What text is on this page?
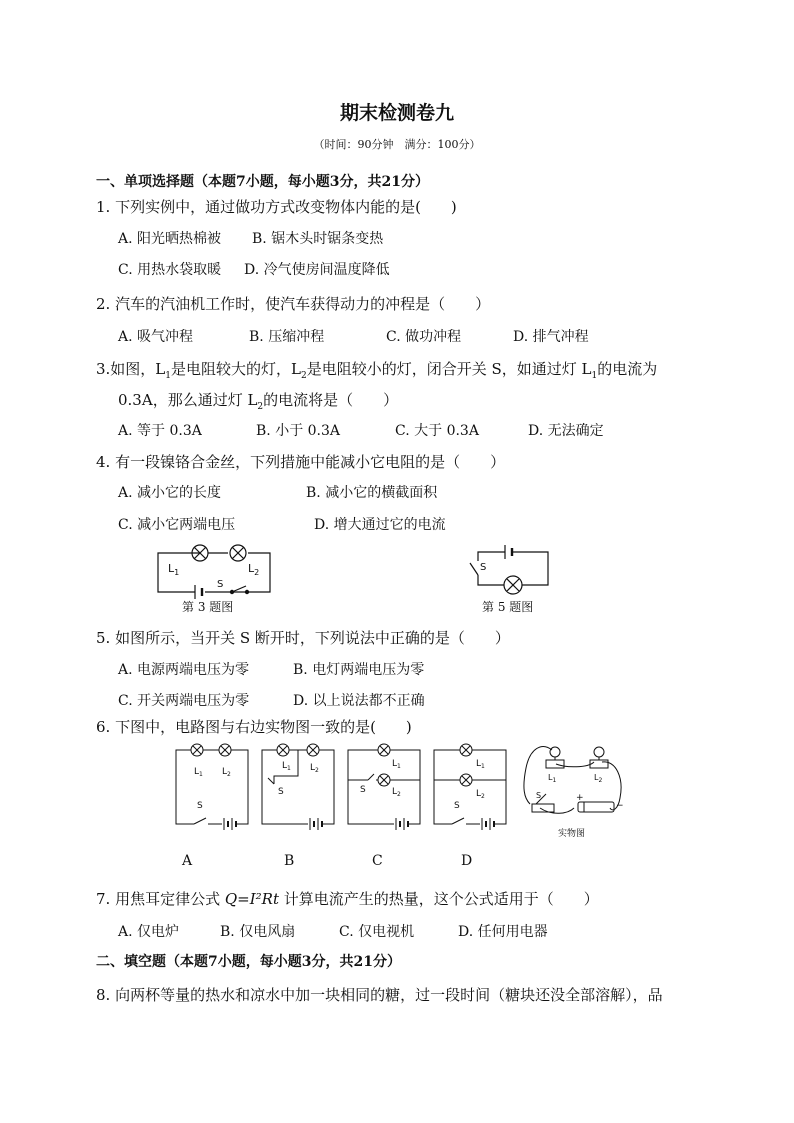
期末检测卷九
（时间：90分钟　满分：100分）
一、单项选择题（本题7小题，每小题3分，共21分）
1. 下列实例中，通过做功方式改变物体内能的是(　　)
A. 阳光晒热棉被 B. 锯木头时锯条变热
C. 用热水袋取暖 D. 冷气使房间温度降低
2. 汽车的汽油机工作时，使汽车获得动力的冲程是（　　）
A. 吸气冲程	B. 压缩冲程	C. 做功冲程	D. 排气冲程
3.如图，$L_1$是电阻较大的灯，$L_2$是电阻较小的灯，闭合开关 S，如通过灯 $L_1$的电流为
0.3A，那么通过灯 $L_2$的电流将是（　　）
A. 等于 0.3A	B. 小于 0.3A	C. 大于 0.3A	D. 无法确定
4. 有一段镍铬合金丝，下列措施中能减小它电阻的是（　　）
A. 减小它的长度	B. 减小它的横截面积
C. 减小它两端电压	D. 增大通过它的电流
$L_1$	$L_2$
S
第 3 题图
S
第 5 题图
5. 如图所示，当开关 S 断开时，下列说法中正确的是（　　）
A. 电源两端电压为零	B. 电灯两端电压为零
C. 开关两端电压为零	D. 以上说法都不正确
6. 下图中，电路图与右边实物图一致的是(　　)
$L_1$ $L_2$
S
$L_1$ $L_2$
S
$L_1$
$L_2$
S
$L_1$
$L_2$
S
$L_1$	$L_2$
S	+
−
实物图
A	B	C	D
7. 用焦耳定律公式 Q=I²Rt 计算电流产生的热量，这个公式适用于（　　）
A. 仅电炉	B. 仅电风扇	C. 仅电视机	D. 任何用电器
二、填空题（本题7小题，每小题3分，共21分）
8. 向两杯等量的热水和凉水中加一块相同的糖，过一段时间（糖块还没全部溶解），品
